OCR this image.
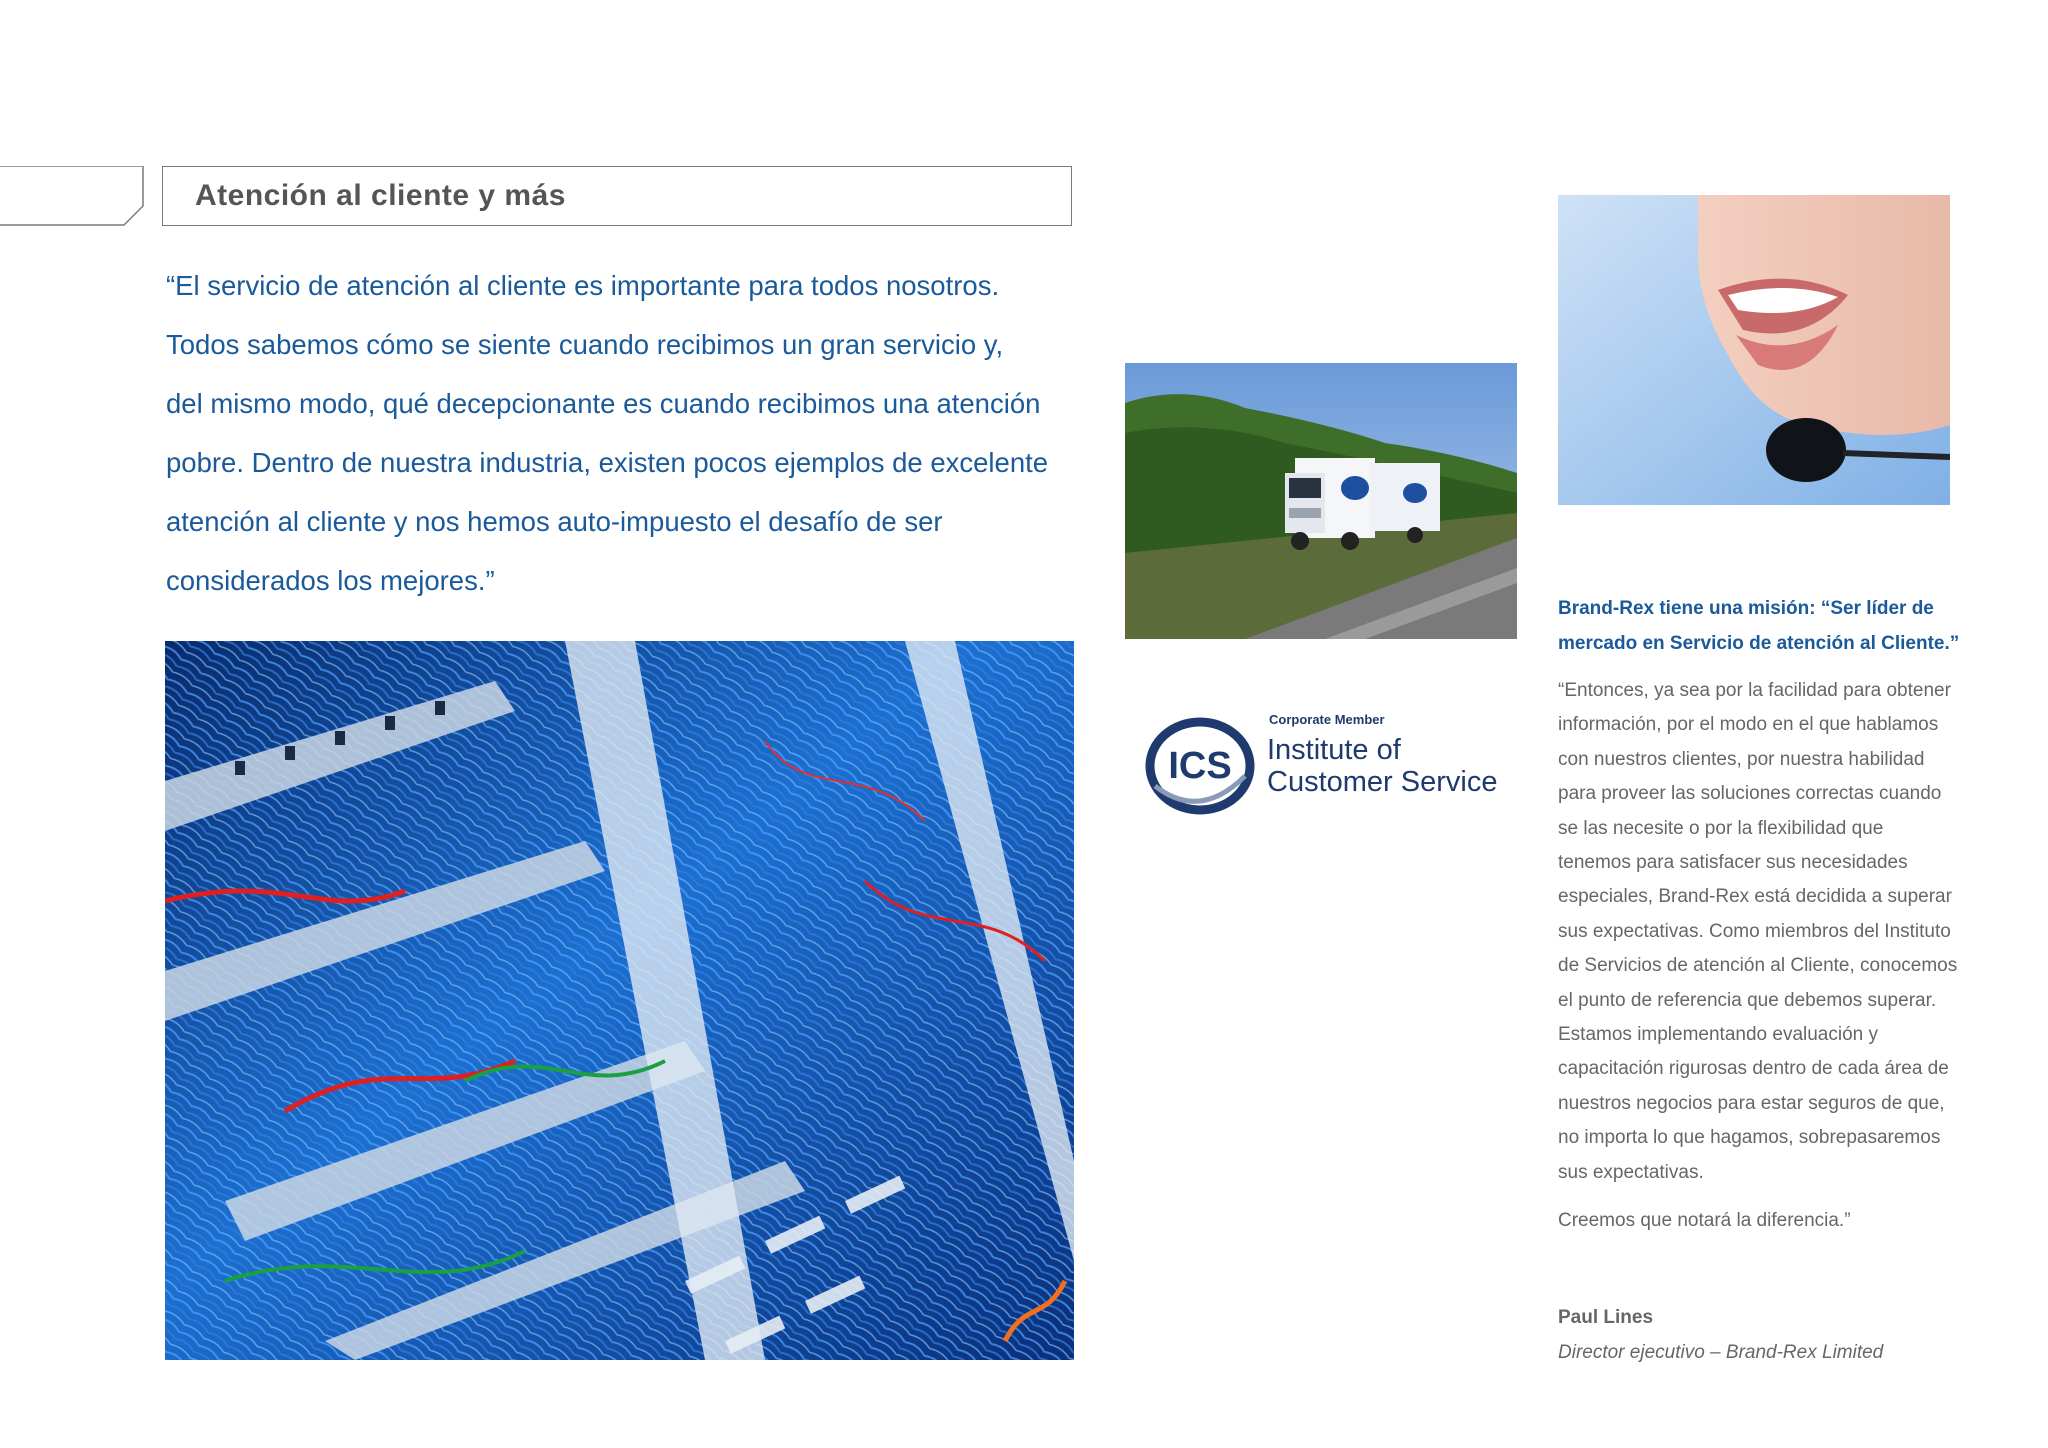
Atención al cliente y más
“El servicio de atención al cliente es importante para todos nosotros.
Todos sabemos cómo se siente cuando recibimos un gran servicio y,
del mismo modo, qué decepcionante es cuando recibimos una atención
pobre. Dentro de nuestra industria, existen pocos ejemplos de excelente
atención al cliente y nos hemos auto-impuesto el desafío de ser
considerados los mejores.”
ICS
Corporate Member
Institute of
Customer Service
Brand-Rex tiene una misión: “Ser líder de
mercado en Servicio de atención al Cliente.”
“Entonces, ya sea por la facilidad para obtener
información, por el modo en el que hablamos
con nuestros clientes, por nuestra habilidad
para proveer las soluciones correctas cuando
se las necesite o por la flexibilidad que
tenemos para satisfacer sus necesidades
especiales, Brand-Rex está decidida a superar
sus expectativas. Como miembros del Instituto
de Servicios de atención al Cliente, conocemos
el punto de referencia que debemos superar.
Estamos implementando evaluación y
capacitación rigurosas dentro de cada área de
nuestros negocios para estar seguros de que,
no importa lo que hagamos, sobrepasaremos
sus expectativas.
Creemos que notará la diferencia.”
Paul Lines
Director ejecutivo – Brand-Rex Limited
